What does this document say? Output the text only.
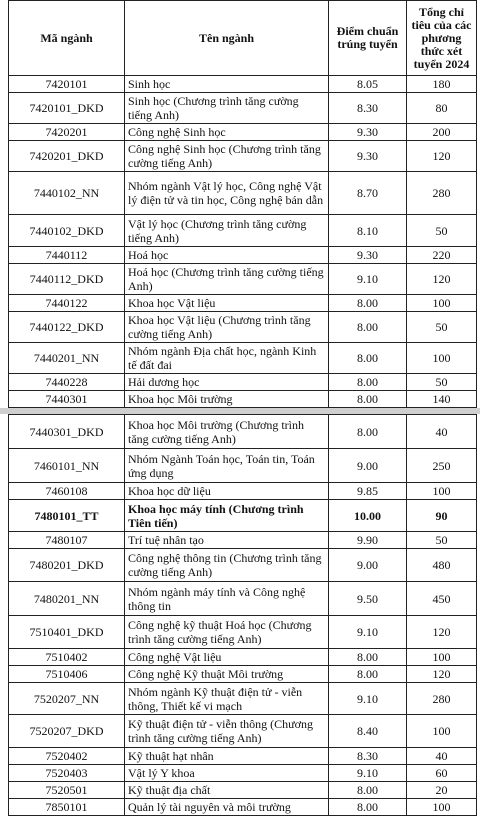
Mã ngành	Tên ngành	Điểm chuẩn trúng tuyển	Tổng chỉ tiêu của các phương thức xét tuyển 2024
7420101	Sinh học	8.05	180
7420101_DKD	Sinh học (Chương trình tăng cường tiếng Anh)	8.30	80
7420201	Công nghệ Sinh học	9.30	200
7420201_DKD	Công nghệ Sinh học (Chương trình tăng cường tiếng Anh)	9.30	120
7440102_NN	Nhóm ngành Vật lý học, Công nghệ Vật lý điện tử và tin học, Công nghệ bán dẫn	8.70	280
7440102_DKD	Vật lý học (Chương trình tăng cường tiếng Anh)	8.10	50
7440112	Hoá học	9.30	220
7440112_DKD	Hoá học (Chương trình tăng cường tiếng Anh)	9.10	120
7440122	Khoa học Vật liệu	8.00	100
7440122_DKD	Khoa học Vật liệu (Chương trình tăng cường tiếng Anh)	8.00	50
7440201_NN	Nhóm ngành Địa chất học, ngành Kinh tế đất đai	8.00	100
7440228	Hải dương học	8.00	50
7440301	Khoa học Môi trường	8.00	140
7440301_DKD	Khoa học Môi trường (Chương trình tăng cường tiếng Anh)	8.00	40
7460101_NN	Nhóm Ngành Toán học, Toán tin, Toán ứng dụng	9.00	250
7460108	Khoa học dữ liệu	9.85	100
7480101_TT	Khoa học máy tính (Chương trình Tiên tiến)	10.00	90
7480107	Trí tuệ nhân tạo	9.90	50
7480201_DKD	Công nghệ thông tin (Chương trình tăng cường tiếng Anh)	9.00	480
7480201_NN	Nhóm ngành máy tính và Công nghệ thông tin	9.50	450
7510401_DKD	Công nghệ kỹ thuật Hoá học (Chương trình tăng cường tiếng Anh)	9.10	120
7510402	Công nghệ Vật liệu	8.00	100
7510406	Công nghệ Kỹ thuật Môi trường	8.00	120
7520207_NN	Nhóm ngành Kỹ thuật điện tử - viễn thông, Thiết kế vi mạch	9.10	280
7520207_DKD	Kỹ thuật điện tử - viễn thông (Chương trình tăng cường tiếng Anh)	8.40	100
7520402	Kỹ thuật hạt nhân	8.30	40
7520403	Vật lý Y khoa	9.10	60
7520501	Kỹ thuật địa chất	8.00	20
7850101	Quản lý tài nguyên và môi trường	8.00	100
